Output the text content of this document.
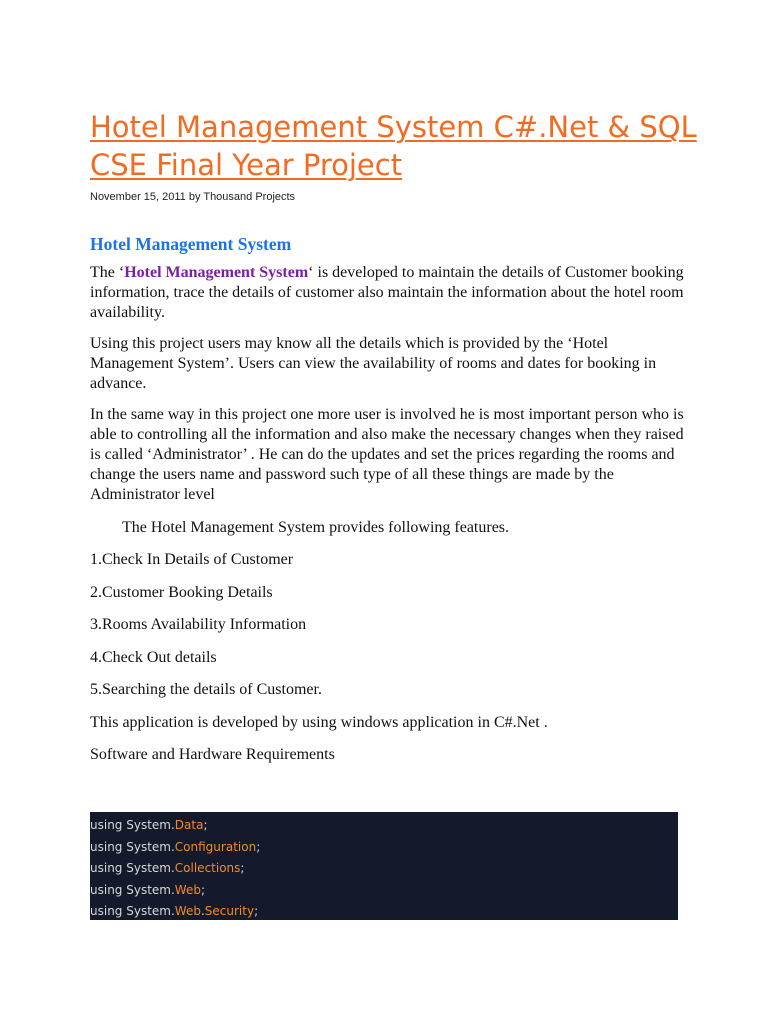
Hotel Management System C#.Net & SQL CSE Final Year Project
November 15, 2011 by Thousand Projects
Hotel Management System

The ‘Hotel Management System‘ is developed to maintain the details of Customer booking information, trace the details of customer also maintain the information about the hotel room availability.

Using this project users may know all the details which is provided by the ‘Hotel Management System’. Users can view the availability of rooms and dates for booking in advance.

In the same way in this project one more user is involved he is most important person who is able to controlling all the information and also make the necessary changes when they raised is called ‘Administrator’ . He can do the updates and set the prices regarding the rooms and change the users name and password such type of all these things are made by the Administrator level

The Hotel Management System provides following features.

1.Check In Details of Customer

2.Customer Booking Details

3.Rooms Availability Information

4.Check Out details

5.Searching the details of Customer.

This application is developed by using windows application in C#.Net .

Software and Hardware Requirements

using System.Data;
using System.Configuration;
using System.Collections;
using System.Web;
using System.Web.Security;
